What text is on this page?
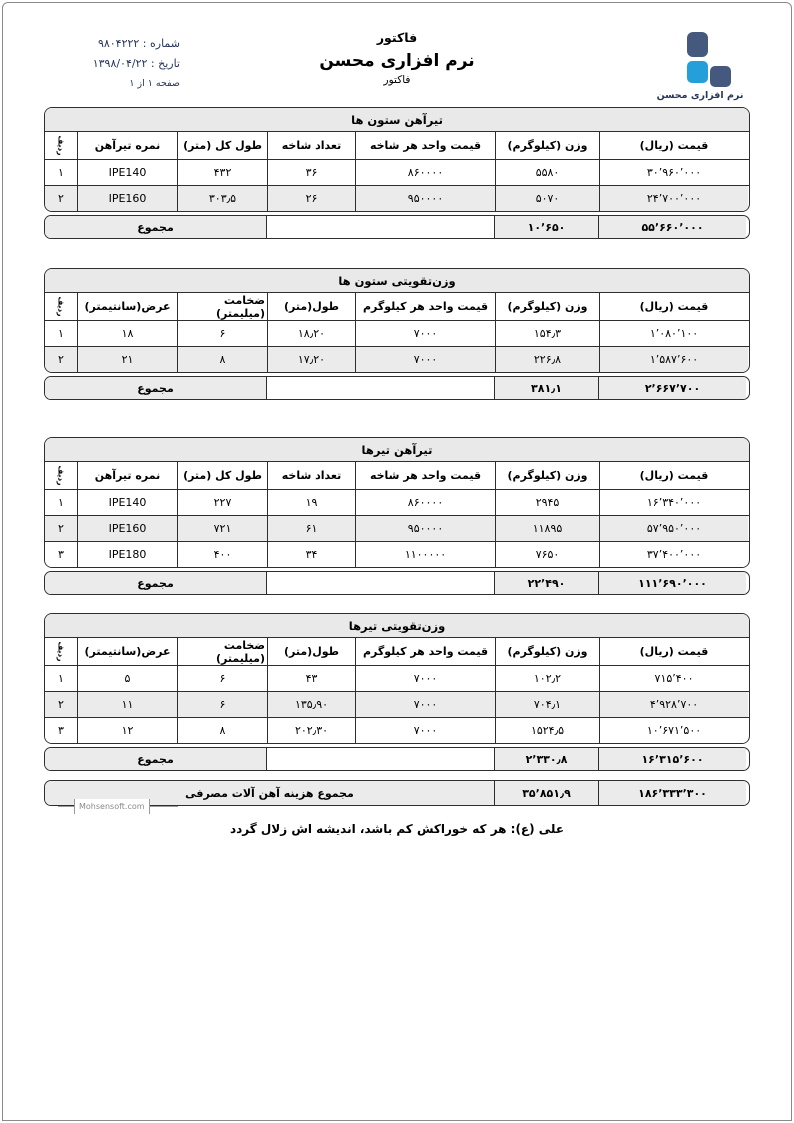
شماره : ۹۸۰۴۲۲۲
تاریخ : ۱۳۹۸/۰۴/۲۲
صفحه ۱ از ۱
فاکتور
نرم افزاری محسن
فاکتور
نرم افزاری محسن
تیرآهن ستون ها
ردیف	نمره تیرآهن	طول کل (متر)	تعداد شاخه	قیمت واحد هر شاخه	وزن (کیلوگرم)	قیمت (ریال)
۱	IPE140	۴۳۲	۳۶	۸۶۰۰۰۰	۵۵۸۰	۳۰٬۹۶۰٬۰۰۰
۲	IPE160	۳۰۳٫۵	۲۶	۹۵۰۰۰۰	۵۰۷۰	۲۴٬۷۰۰٬۰۰۰
مجموع	۱۰٬۶۵۰	۵۵٬۶۶۰٬۰۰۰
وزن‌تقویتی ستون ها
ردیف	عرض(سانتیمتر)	ضخامت (میلیمتر)	طول(متر)	قیمت واحد هر کیلوگرم	وزن (کیلوگرم)	قیمت (ریال)
۱	۱۸	۶	۱۸٫۲۰	۷۰۰۰	۱۵۴٫۳	۱٬۰۸۰٬۱۰۰
۲	۲۱	۸	۱۷٫۲۰	۷۰۰۰	۲۲۶٫۸	۱٬۵۸۷٬۶۰۰
مجموع	۳۸۱٫۱	۲٬۶۶۷٬۷۰۰
تیرآهن تیرها
ردیف	نمره تیرآهن	طول کل (متر)	تعداد شاخه	قیمت واحد هر شاخه	وزن (کیلوگرم)	قیمت (ریال)
۱	IPE140	۲۲۷	۱۹	۸۶۰۰۰۰	۲۹۴۵	۱۶٬۳۴۰٬۰۰۰
۲	IPE160	۷۲۱	۶۱	۹۵۰۰۰۰	۱۱۸۹۵	۵۷٬۹۵۰٬۰۰۰
۳	IPE180	۴۰۰	۳۴	۱۱۰۰۰۰۰	۷۶۵۰	۳۷٬۴۰۰٬۰۰۰
مجموع	۲۲٬۴۹۰	۱۱۱٬۶۹۰٬۰۰۰
وزن‌تقویتی تیرها
ردیف	عرض(سانتیمتر)	ضخامت (میلیمتر)	طول(متر)	قیمت واحد هر کیلوگرم	وزن (کیلوگرم)	قیمت (ریال)
۱	۵	۶	۴۳	۷۰۰۰	۱۰۲٫۲	۷۱۵٬۴۰۰
۲	۱۱	۶	۱۳۵٫۹۰	۷۰۰۰	۷۰۴٫۱	۴٬۹۲۸٬۷۰۰
۳	۱۲	۸	۲۰۲٫۳۰	۷۰۰۰	۱۵۲۴٫۵	۱۰٬۶۷۱٬۵۰۰
مجموع	۲٬۳۳۰٫۸	۱۶٬۳۱۵٬۶۰۰
مجموع هزینه آهن آلات مصرفی	۳۵٬۸۵۱٫۹	۱۸۶٬۳۳۳٬۳۰۰
Mohsensoft.com
علی (ع): هر که خوراکش کم باشد، اندیشه اش زلال گردد
